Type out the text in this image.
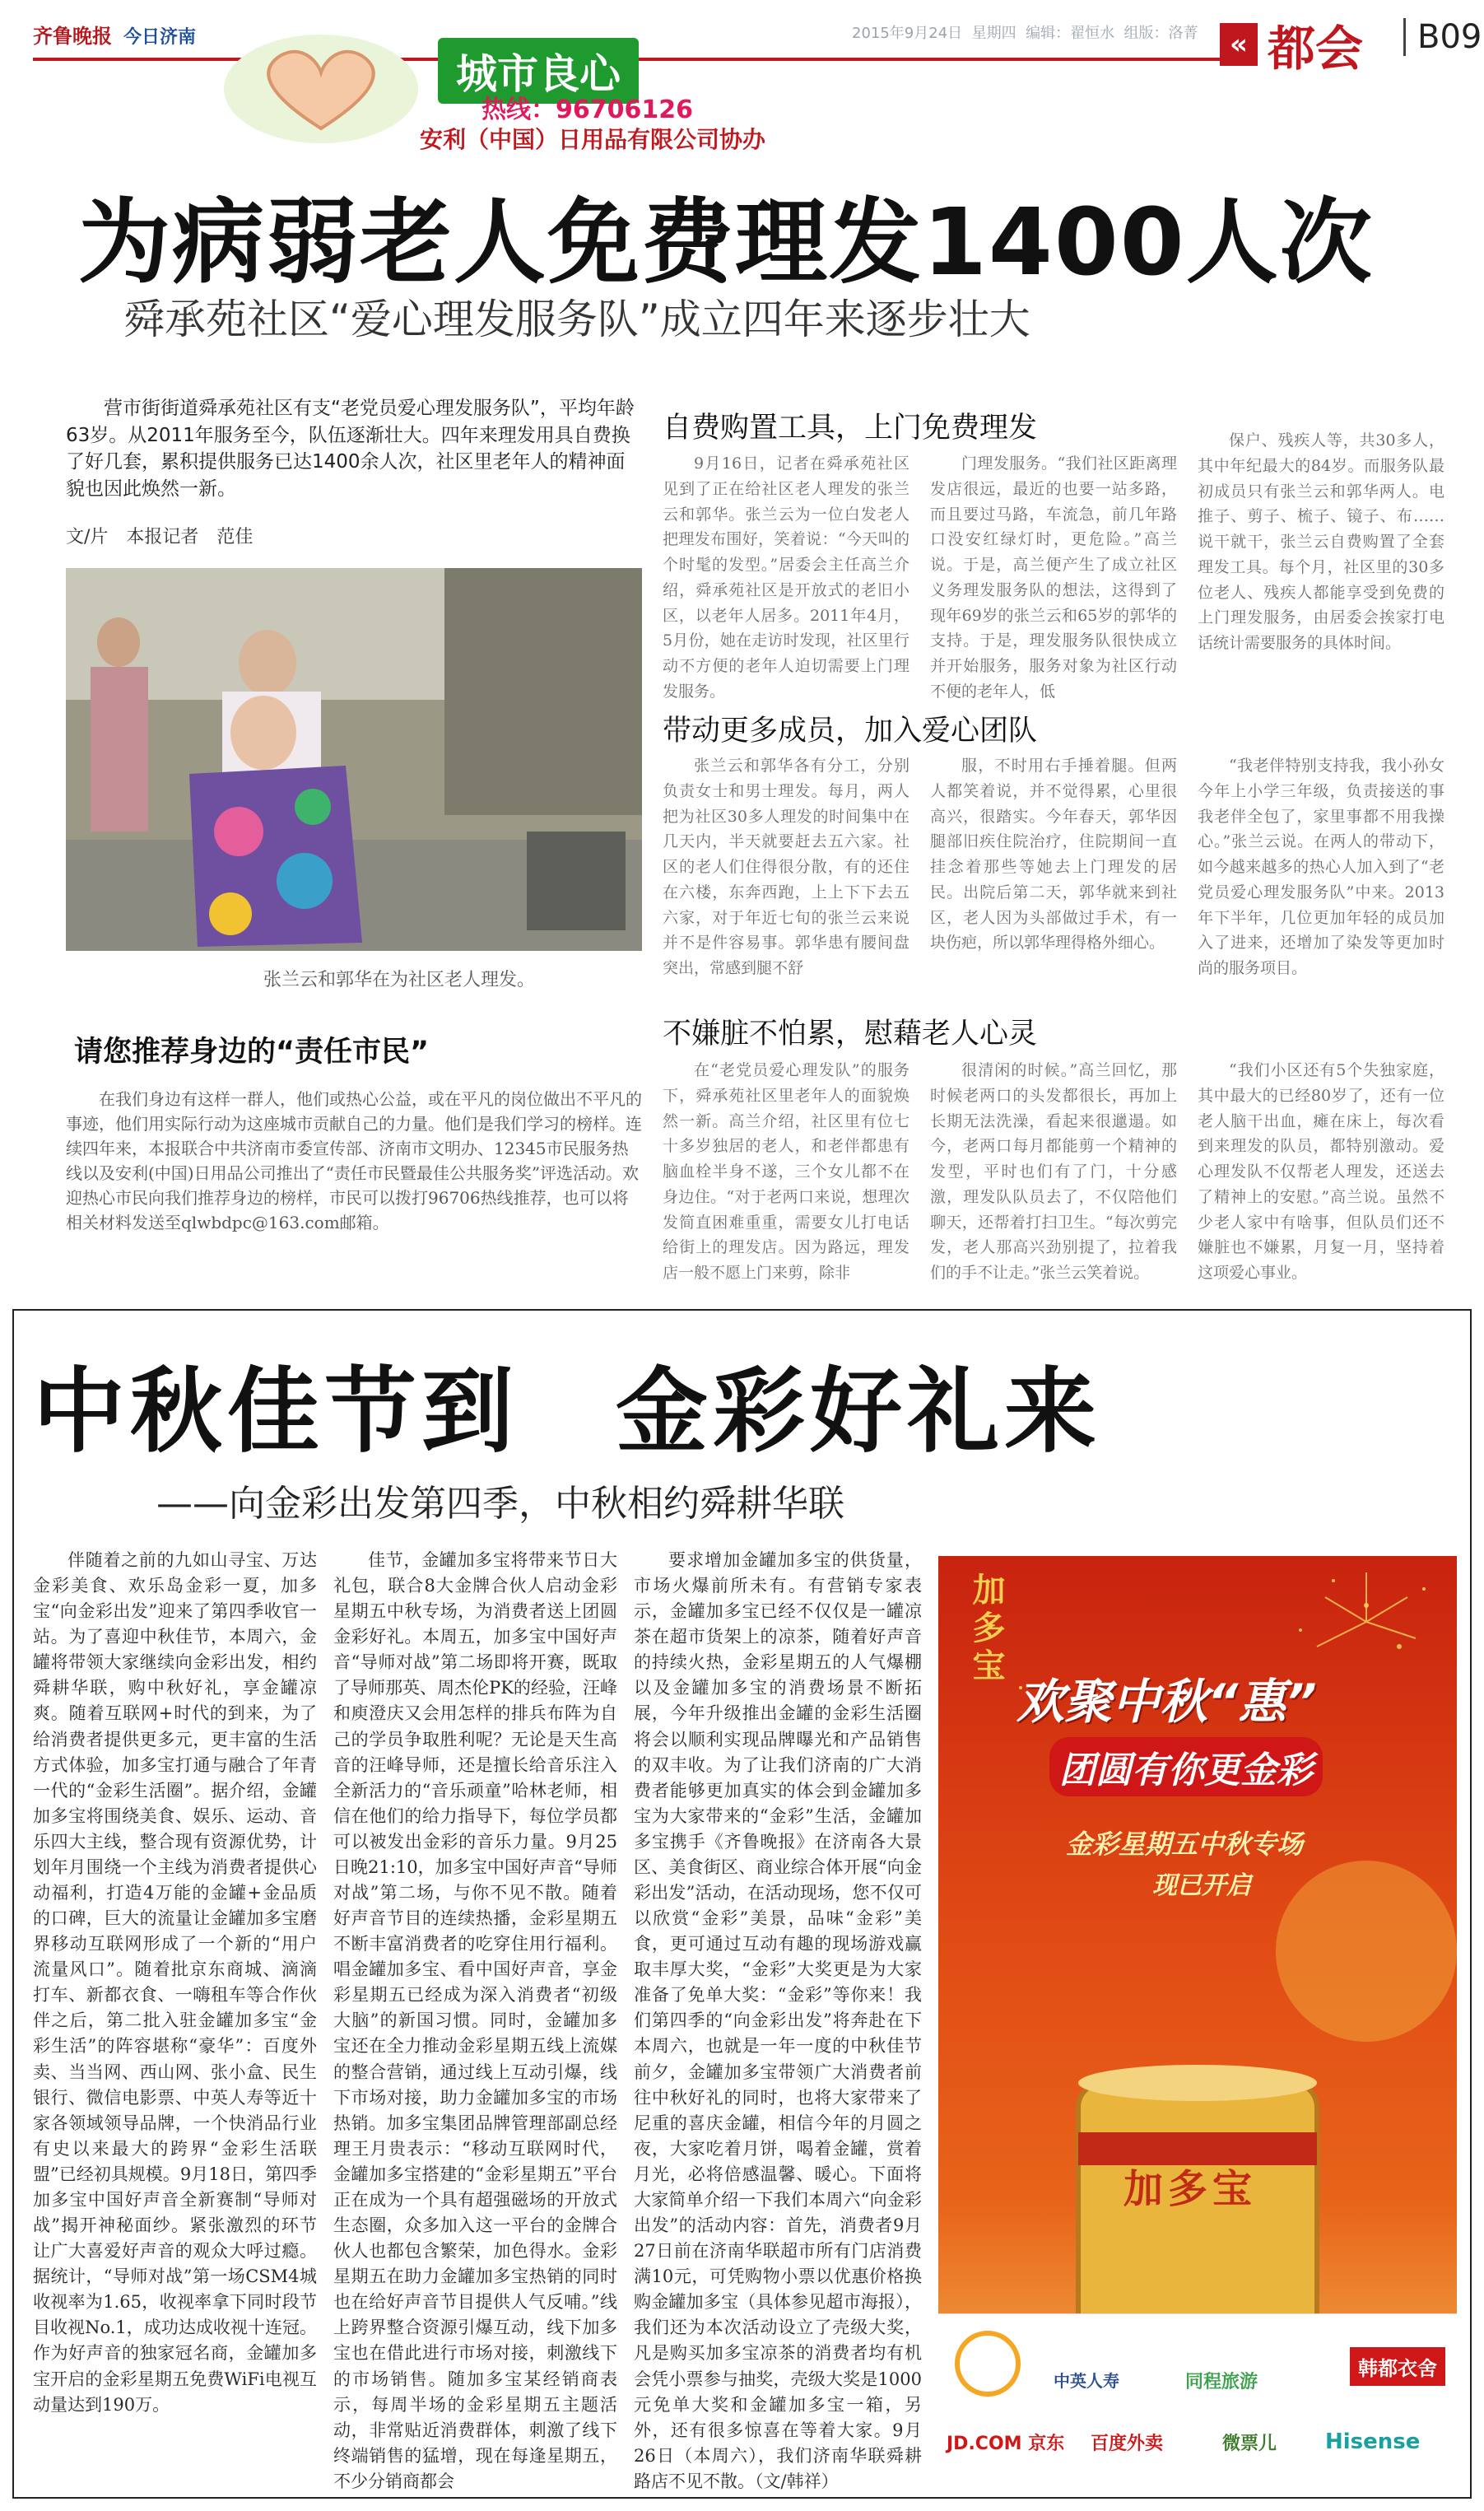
齐鲁晚报 今日济南	2015年9月24日 星期四 编辑：翟恒水 组版：洛菁	« 都会	B09
城市良心
热线：96706126
安利（中国）日用品有限公司协办
为病弱老人免费理发1400人次
舜承苑社区“爱心理发服务队”成立四年来逐步壮大
营市街街道舜承苑社区有支“老党员爱心理发服务队”，平均年龄63岁。从2011年服务至今，队伍逐渐壮大。四年来理发用具自费换了好几套，累积提供服务已达1400余人次，社区里老年人的精神面貌也因此焕然一新。
文/片　本报记者　范佳
张兰云和郭华在为社区老人理发。
请您推荐身边的“责任市民”
在我们身边有这样一群人，他们或热心公益，或在平凡的岗位做出不平凡的事迹，他们用实际行动为这座城市贡献自己的力量。他们是我们学习的榜样。连续四年来，本报联合中共济南市委宣传部、济南市文明办、12345市民服务热线以及安利(中国)日用品公司推出了“责任市民暨最佳公共服务奖”评选活动。欢迎热心市民向我们推荐身边的榜样，市民可以拨打96706热线推荐，也可以将相关材料发送至qlwbdpc@163.com邮箱。
自费购置工具，上门免费理发
9月16日，记者在舜承苑社区见到了正在给社区老人理发的张兰云和郭华。张兰云为一位白发老人把理发布围好，笑着说：“今天叫的个时髦的发型。”居委会主任高兰介绍，舜承苑社区是开放式的老旧小区，以老年人居多。2011年4月，5月份，她在走访时发现，社区里行动不方便的老年人迫切需要上门理发服务。
门理发服务。“我们社区距离理发店很远，最近的也要一站多路，而且要过马路，车流急，前几年路口没安红绿灯时，更危险。”高兰说。于是，高兰便产生了成立社区义务理发服务队的想法，这得到了现年69岁的张兰云和65岁的郭华的支持。于是，理发服务队很快成立并开始服务，服务对象为社区行动不便的老年人，低
保户、残疾人等，共30多人，其中年纪最大的84岁。而服务队最初成员只有张兰云和郭华两人。电推子、剪子、梳子、镜子、布……说干就干，张兰云自费购置了全套理发工具。每个月，社区里的30多位老人、残疾人都能享受到免费的上门理发服务，由居委会挨家打电话统计需要服务的具体时间。
带动更多成员，加入爱心团队
张兰云和郭华各有分工，分别负责女士和男士理发。每月，两人把为社区30多人理发的时间集中在几天内，半天就要赶去五六家。社区的老人们住得很分散，有的还住在六楼，东奔西跑，上上下下去五六家，对于年近七旬的张兰云来说并不是件容易事。郭华患有腰间盘突出，常感到腿不舒
服，不时用右手捶着腿。但两人都笑着说，并不觉得累，心里很高兴，很踏实。今年春天，郭华因腿部旧疾住院治疗，住院期间一直挂念着那些等她去上门理发的居民。出院后第二天，郭华就来到社区，老人因为头部做过手术，有一块伤疤，所以郭华理得格外细心。
“我老伴特别支持我，我小孙女今年上小学三年级，负责接送的事我老伴全包了，家里事都不用我操心。”张兰云说。在两人的带动下，如今越来越多的热心人加入到了“老党员爱心理发服务队”中来。2013年下半年，几位更加年轻的成员加入了进来，还增加了染发等更加时尚的服务项目。
不嫌脏不怕累，慰藉老人心灵
在“老党员爱心理发队”的服务下，舜承苑社区里老年人的面貌焕然一新。高兰介绍，社区里有位七十多岁独居的老人，和老伴都患有脑血栓半身不遂，三个女儿都不在身边住。“对于老两口来说，想理次发简直困难重重，需要女儿打电话给街上的理发店。因为路远，理发店一般不愿上门来剪，除非
很清闲的时候。”高兰回忆，那时候老两口的头发都很长，再加上长期无法洗澡，看起来很邋遢。如今，老两口每月都能剪一个精神的发型，平时也们有了门，十分感激，理发队队员去了，不仅陪他们聊天，还帮着打扫卫生。“每次剪完发，老人那高兴劲别提了，拉着我们的手不让走。”张兰云笑着说。
“我们小区还有5个失独家庭，其中最大的已经80岁了，还有一位老人脑干出血，瘫在床上，每次看到来理发的队员，都特别激动。爱心理发队不仅帮老人理发，还送去了精神上的安慰。”高兰说。虽然不少老人家中有啥事，但队员们还不嫌脏也不嫌累，月复一月，坚持着这项爱心事业。
中秋佳节到　金彩好礼来
——向金彩出发第四季，中秋相约舜耕华联
伴随着之前的九如山寻宝、万达金彩美食、欢乐岛金彩一夏，加多宝“向金彩出发”迎来了第四季收官一站。为了喜迎中秋佳节，本周六，金罐将带领大家继续向金彩出发，相约舜耕华联，购中秋好礼，享金罐凉爽。随着互联网+时代的到来，为了给消费者提供更多元，更丰富的生活方式体验，加多宝打通与融合了年青一代的“金彩生活圈”。据介绍，金罐加多宝将围绕美食、娱乐、运动、音乐四大主线，整合现有资源优势，计划年月围绕一个主线为消费者提供心动福利，打造4万能的金罐+金品质的口碑，巨大的流量让金罐加多宝磨界移动互联网形成了一个新的“用户流量风口”。随着批京东商城、滴滴打车、新都衣食、一嗨租车等合作伙伴之后，第二批入驻金罐加多宝“金彩生活”的阵容堪称“豪华”：百度外卖、当当网、西山网、张小盒、民生银行、微信电影票、中英人寿等近十家各领域领导品牌，一个快消品行业有史以来最大的跨界“金彩生活联盟”已经初具规模。9月18日，第四季加多宝中国好声音全新赛制“导师对战”揭开神秘面纱。紧张激烈的环节让广大喜爱好声音的观众大呼过瘾。据统计，“导师对战”第一场CSM4城收视率为1.65，收视率拿下同时段节目收视No.1，成功达成收视十连冠。作为好声音的独家冠名商，金罐加多宝开启的金彩星期五免费WiFi电视互动量达到190万。
佳节，金罐加多宝将带来节日大礼包，联合8大金牌合伙人启动金彩星期五中秋专场，为消费者送上团圆金彩好礼。本周五，加多宝中国好声音“导师对战”第二场即将开赛，既取了导师那英、周杰伦PK的经验，汪峰和庾澄庆又会用怎样的排兵布阵为自己的学员争取胜利呢？无论是天生高音的汪峰导师，还是擅长给音乐注入全新活力的“音乐顽童”哈林老师，相信在他们的给力指导下，每位学员都可以被发出金彩的音乐力量。9月25日晚21:10，加多宝中国好声音“导师对战”第二场，与你不见不散。随着好声音节目的连续热播，金彩星期五不断丰富消费者的吃穿住用行福利。唱金罐加多宝、看中国好声音，享金彩星期五已经成为深入消费者“初级大脑”的新国习惯。同时，金罐加多宝还在全力推动金彩星期五线上流媒的整合营销，通过线上互动引爆，线下市场对接，助力金罐加多宝的市场热销。加多宝集团品牌管理部副总经理王月贵表示：“移动互联网时代，金罐加多宝搭建的“金彩星期五”平台正在成为一个具有超强磁场的开放式生态圈，众多加入这一平台的金牌合伙人也都包含繁荣，加色得水。金彩星期五在助力金罐加多宝热销的同时也在给好声音节目提供人气反哺。”线上跨界整合资源引爆互动，线下加多宝也在借此进行市场对接，刺激线下的市场销售。随加多宝某经销商表示，每周半场的金彩星期五主题活动，非常贴近消费群体，刺激了线下终端销售的猛增，现在每逢星期五，不少分销商都会
要求增加金罐加多宝的供货量，市场火爆前所未有。有营销专家表示，金罐加多宝已经不仅仅是一罐凉茶在超市货架上的凉茶，随着好声音的持续火热，金彩星期五的人气爆棚以及金罐加多宝的消费场景不断拓展，今年升级推出金罐的金彩生活圈将会以顺利实现品牌曝光和产品销售的双丰收。为了让我们济南的广大消费者能够更加真实的体会到金罐加多宝为大家带来的“金彩”生活，金罐加多宝携手《齐鲁晚报》在济南各大景区、美食街区、商业综合体开展“向金彩出发”活动，在活动现场，您不仅可以欣赏“金彩”美景，品味“金彩”美食，更可通过互动有趣的现场游戏赢取丰厚大奖，“金彩”大奖更是为大家准备了免单大奖：“金彩”等你来！我们第四季的“向金彩出发”将奔赴在下本周六，也就是一年一度的中秋佳节前夕，金罐加多宝带领广大消费者前往中秋好礼的同时，也将大家带来了尼重的喜庆金罐，相信今年的月圆之夜，大家吃着月饼，喝着金罐，赏着月光，必将倍感温馨、暖心。下面将大家简单介绍一下我们本周六“向金彩出发”的活动内容：首先，消费者9月27日前在济南华联超市所有门店消费满10元，可凭购物小票以优惠价格换购金罐加多宝（具体参见超市海报），我们还为本次活动设立了壳级大奖，凡是购买加多宝凉茶的消费者均有机会凭小票参与抽奖，壳级大奖是1000元免单大奖和金罐加多宝一箱，另外，还有很多惊喜在等着大家。9月26日（本周六），我们济南华联舜耕路店不见不散。（文/韩祥）
加多宝
欢聚中秋“惠”
团圆有你更金彩
金彩星期五中秋专场
现已开启
加多宝
中英人寿	同程旅游
韩都衣舍
JD.COM 京东 百度外卖	微票儿 Hisense
